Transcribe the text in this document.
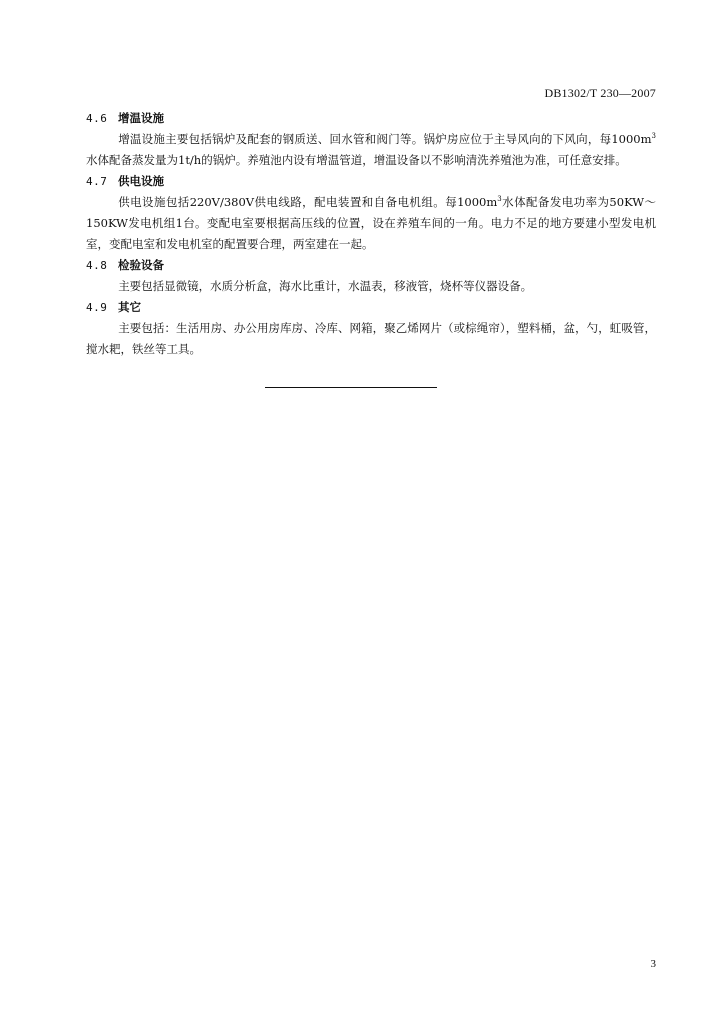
DB1302/T 230—2007
4.6 增温设施

增温设施主要包括锅炉及配套的钢质送、回水管和阀门等。锅炉房应位于主导风向的下风向，每$1000m^3$水体配备蒸发量为1t/h的锅炉。养殖池内设有增温管道，增温设备以不影响清洗养殖池为准，可任意安排。

4.7 供电设施

供电设施包括220V/380V供电线路，配电装置和自备电机组。每$1000m^3$水体配备发电功率为50KW～150KW发电机组1台。变配电室要根据高压线的位置，设在养殖车间的一角。电力不足的地方要建小型发电机室，变配电室和发电机室的配置要合理，两室建在一起。

4.8 检验设备

主要包括显微镜，水质分析盒，海水比重计，水温表，移液管，烧杯等仪器设备。

4.9 其它

主要包括：生活用房、办公用房库房、冷库、网箱，聚乙烯网片（或棕绳帘），塑料桶，盆，勺，虹吸管，搅水耙，铁丝等工具。

3
